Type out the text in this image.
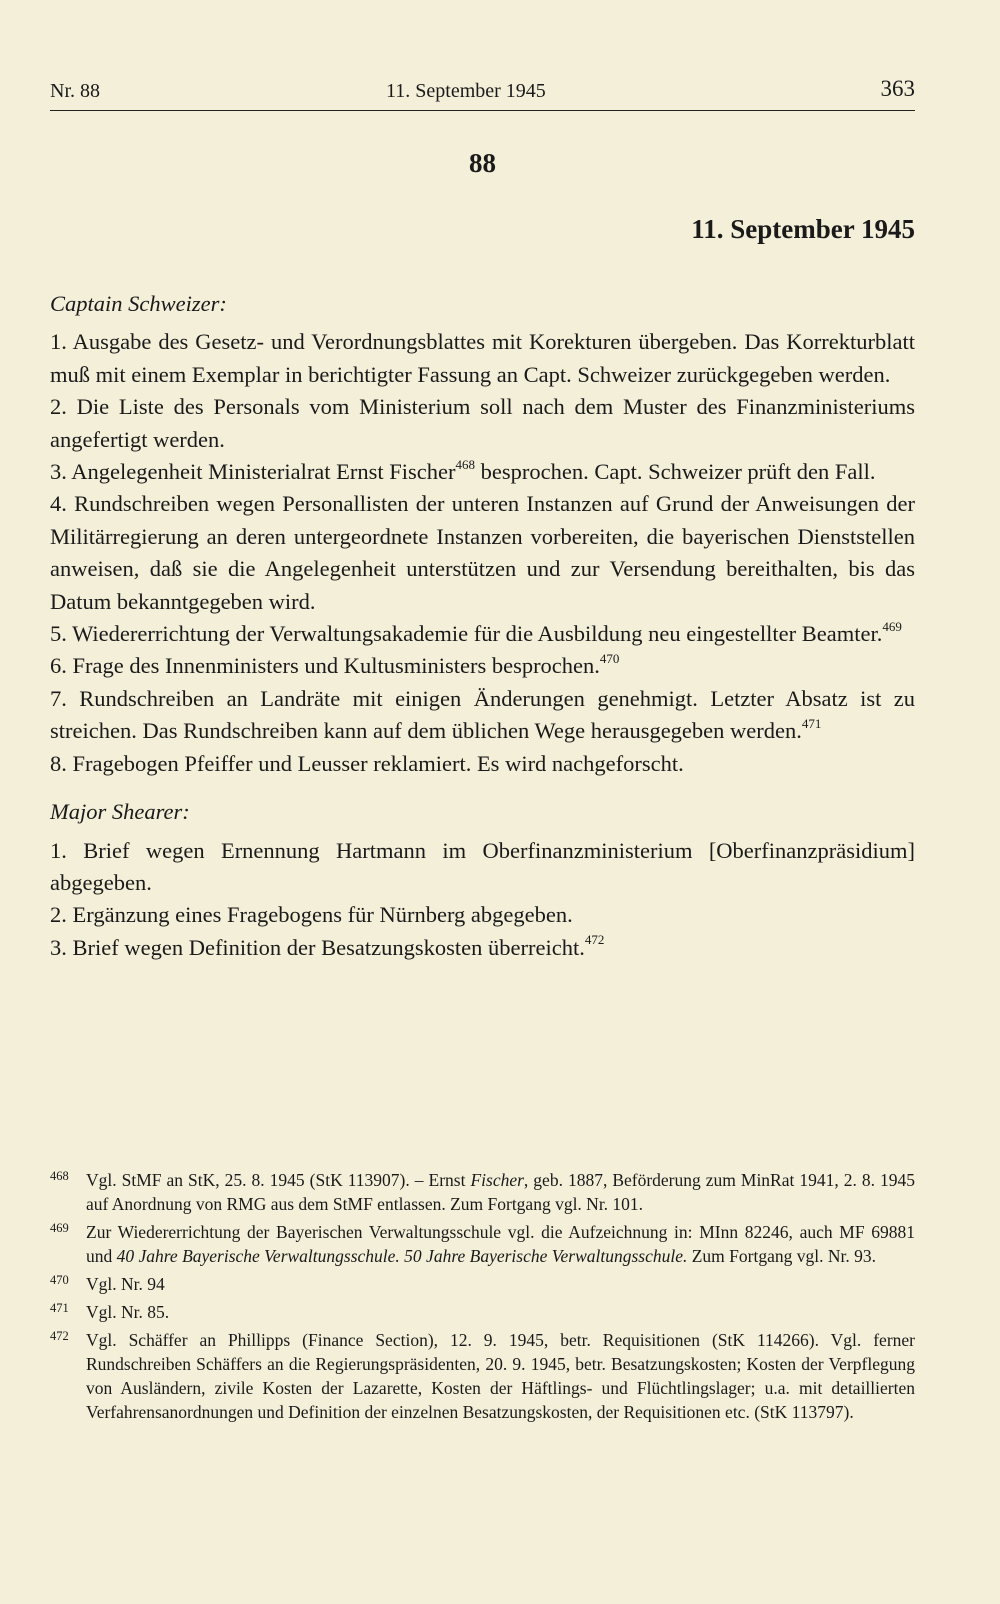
Nr. 88	11. September 1945	363
88
11. September 1945

Captain Schweizer:

1. Ausgabe des Gesetz- und Verordnungsblattes mit Korekturen übergeben. Das Korrekturblatt muß mit einem Exemplar in berichtigter Fassung an Capt. Schweizer zurückgegeben werden.

2. Die Liste des Personals vom Ministerium soll nach dem Muster des Finanzministeriums angefertigt werden.

3. Angelegenheit Ministerialrat Ernst Fischer$^{468}$ besprochen. Capt. Schweizer prüft den Fall.

4. Rundschreiben wegen Personallisten der unteren Instanzen auf Grund der Anweisungen der Militärregierung an deren untergeordnete Instanzen vorbereiten, die bayerischen Dienststellen anweisen, daß sie die Angelegenheit unterstützen und zur Versendung bereithalten, bis das Datum bekanntgegeben wird.

5. Wiedererrichtung der Verwaltungsakademie für die Ausbildung neu eingestellter Beamter.$^{469}$

6. Frage des Innenministers und Kultusministers besprochen.$^{470}$

7. Rundschreiben an Landräte mit einigen Änderungen genehmigt. Letzter Absatz ist zu streichen. Das Rundschreiben kann auf dem üblichen Wege herausgegeben werden.$^{471}$

8. Fragebogen Pfeiffer und Leusser reklamiert. Es wird nachgeforscht.

Major Shearer:

1. Brief wegen Ernennung Hartmann im Oberfinanzministerium [Oberfinanzpräsidium] abgegeben.

2. Ergänzung eines Fragebogens für Nürnberg abgegeben.

3. Brief wegen Definition der Besatzungskosten überreicht.$^{472}$

468 Vgl. StMF an StK, 25. 8. 1945 (StK 113907). – Ernst Fischer, geb. 1887, Beförderung zum MinRat 1941, 2. 8. 1945 auf Anordnung von RMG aus dem StMF entlassen. Zum Fortgang vgl. Nr. 101.
469 Zur Wiedererrichtung der Bayerischen Verwaltungsschule vgl. die Aufzeichnung in: MInn 82246, auch MF 69881 und 40 Jahre Bayerische Verwaltungsschule. 50 Jahre Bayerische Verwaltungsschule. Zum Fortgang vgl. Nr. 93.
470 Vgl. Nr. 94
471 Vgl. Nr. 85.
472 Vgl. Schäffer an Phillipps (Finance Section), 12. 9. 1945, betr. Requisitionen (StK 114266). Vgl. ferner Rundschreiben Schäffers an die Regierungspräsidenten, 20. 9. 1945, betr. Besatzungskosten; Kosten der Verpflegung von Ausländern, zivile Kosten der Lazarette, Kosten der Häftlings- und Flüchtlingslager; u.a. mit detaillierten Verfahrensanordnungen und Definition der einzelnen Besatzungskosten, der Requisitionen etc. (StK 113797).
